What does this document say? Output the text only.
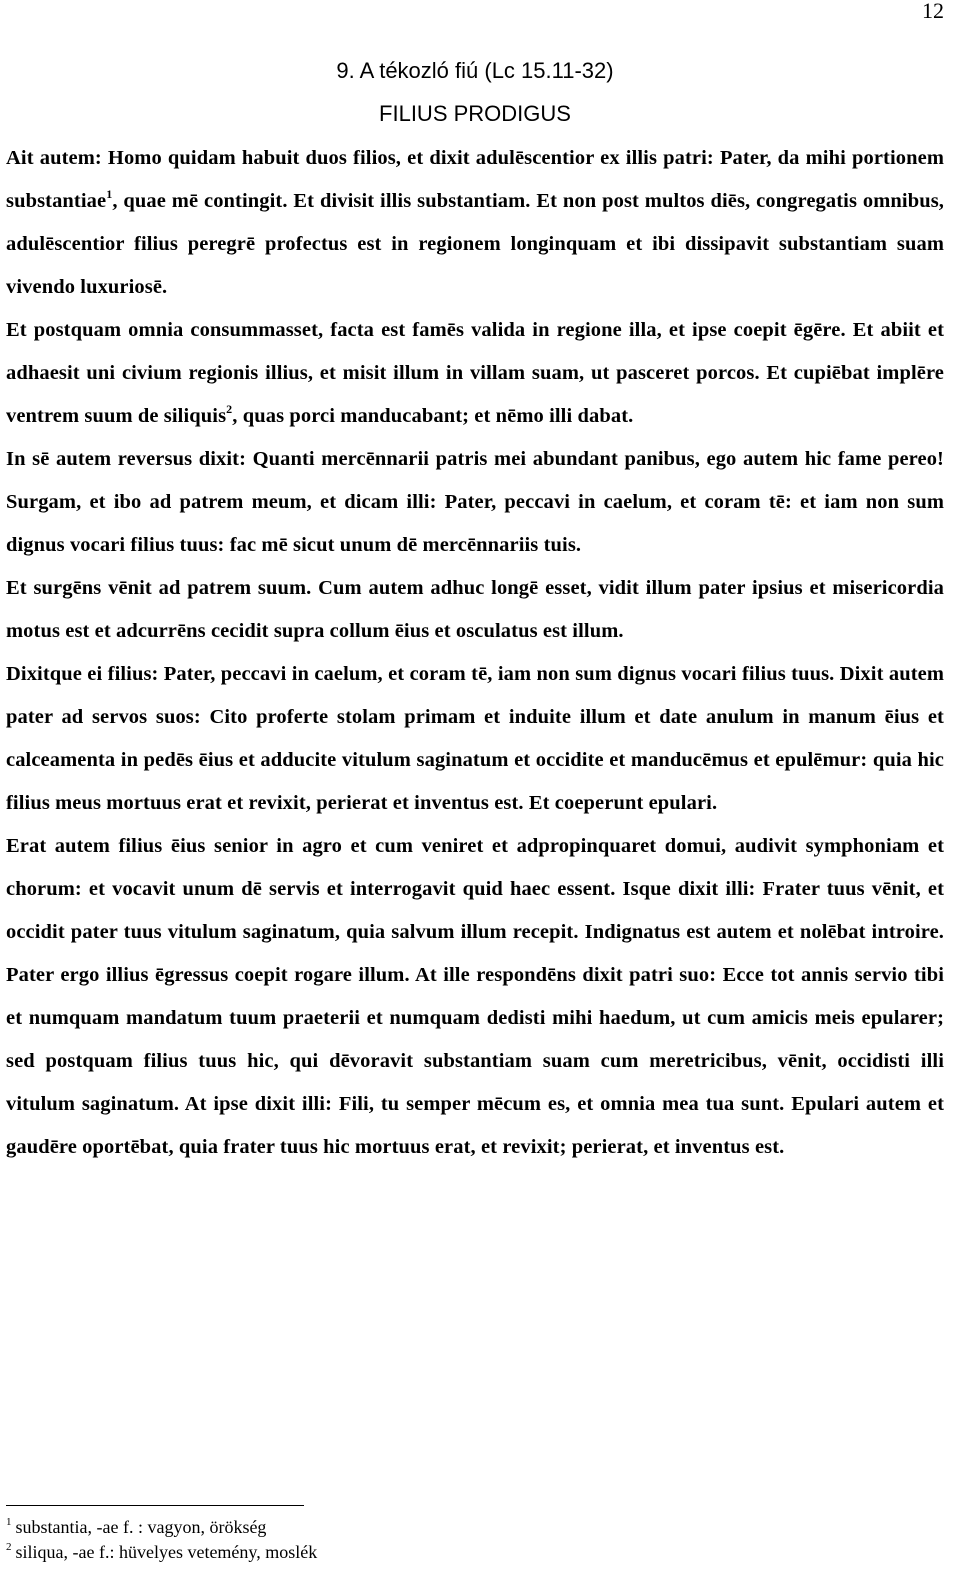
12
9. A tékozló fiú (Lc 15.11-32)
FILIUS PRODIGUS

Ait autem: Homo quidam habuit duos filios, et dixit adulēscentior ex illis patri: Pater, da mihi portionem substantiae$^1$, quae mē contingit. Et divisit illis substantiam. Et non post multos diēs, congregatis omnibus, adulēscentior filius peregrē profectus est in regionem longinquam et ibi dissipavit substantiam suam vivendo luxuriosē.

Et postquam omnia consummasset, facta est famēs valida in regione illa, et ipse coepit ēgēre. Et abiit et adhaesit uni civium regionis illius, et misit illum in villam suam, ut pasceret porcos. Et cupiēbat implēre ventrem suum de siliquis$^2$, quas porci manducabant; et nēmo illi dabat.

In sē autem reversus dixit: Quanti mercēnnarii patris mei abundant panibus, ego autem hic fame pereo! Surgam, et ibo ad patrem meum, et dicam illi: Pater, peccavi in caelum, et coram tē: et iam non sum dignus vocari filius tuus: fac mē sicut unum dē mercēnnariis tuis.

Et surgēns vēnit ad patrem suum. Cum autem adhuc longē esset, vidit illum pater ipsius et misericordia motus est et adcurrēns cecidit supra collum ēius et osculatus est illum.

Dixitque ei filius: Pater, peccavi in caelum, et coram tē, iam non sum dignus vocari filius tuus. Dixit autem pater ad servos suos: Cito proferte stolam primam et induite illum et date anulum in manum ēius et calceamenta in pedēs ēius et adducite vitulum saginatum et occidite et manducēmus et epulēmur: quia hic filius meus mortuus erat et revixit, perierat et inventus est. Et coeperunt epulari.

Erat autem filius ēius senior in agro et cum veniret et adpropinquaret domui, audivit symphoniam et chorum: et vocavit unum dē servis et interrogavit quid haec essent. Isque dixit illi: Frater tuus vēnit, et occidit pater tuus vitulum saginatum, quia salvum illum recepit. Indignatus est autem et nolēbat introire. Pater ergo illius ēgressus coepit rogare illum. At ille respondēns dixit patri suo: Ecce tot annis servio tibi et numquam mandatum tuum praeterii et numquam dedisti mihi haedum, ut cum amicis meis epularer; sed postquam filius tuus hic, qui dēvoravit substantiam suam cum meretricibus, vēnit, occidisti illi vitulum saginatum. At ipse dixit illi: Fili, tu semper mēcum es, et omnia mea tua sunt. Epulari autem et gaudēre oportēbat, quia frater tuus hic mortuus erat, et revixit; perierat, et inventus est.

$^1$ substantia, -ae f. : vagyon, örökség
$^2$ siliqua, -ae f.: hüvelyes vetemény, moslék
